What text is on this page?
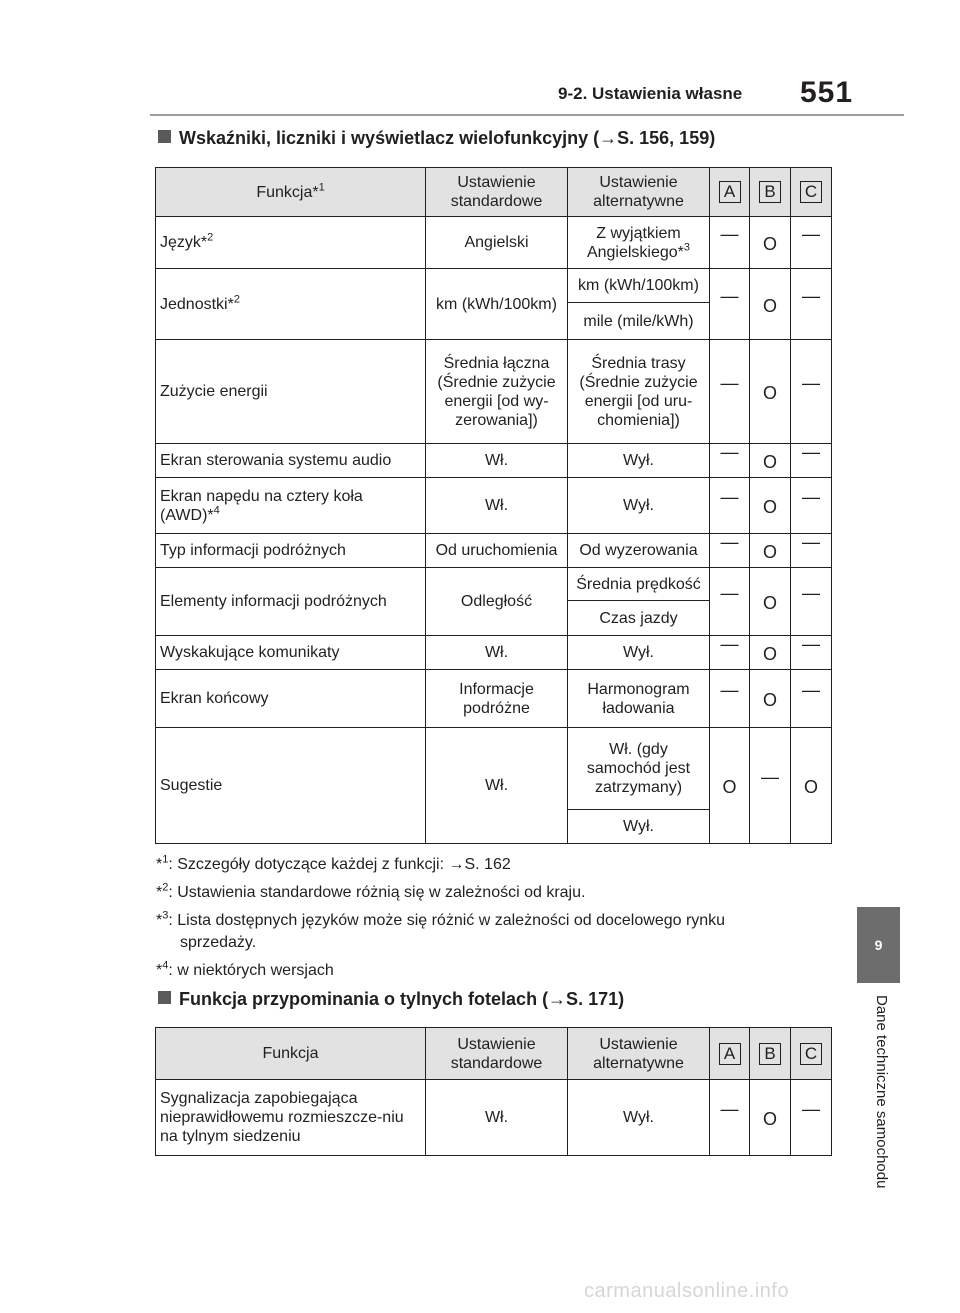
9-2. Ustawienia własne 551
Wskaźniki, liczniki i wyświetlacz wielofunkcyjny (→S. 156, 159)
Funkcja*$^1$	Ustawienie standardowe	Ustawienie alternatywne	A	B	C
Język*$^2$	Angielski	Z wyjątkiem Angielskiego*$^3$	—	O	—
Jednostki*$^2$	km (kWh/100km)	km (kWh/100km)	—	O	—
		mile (mile/kWh)			
Zużycie energii	Średnia łączna (Średnie zużycie energii [od wy-zerowania])	Średnia trasy (Średnie zużycie energii [od uru-chomienia])	—	O	—
Ekran sterowania systemu audio	Wł.	Wył.	—	O	—
Ekran napędu na cztery koła (AWD)*$^4$	Wł.	Wył.	—	O	—
Typ informacji podróżnych	Od uruchomienia	Od wyzerowania	—	O	—
Elementy informacji podróżnych	Odległość	Średnia prędkość	—	O	—
		Czas jazdy			
Wyskakujące komunikaty	Wł.	Wył.	—	O	—
Ekran końcowy	Informacje podróżne	Harmonogram ładowania	—	O	—
Sugestie	Wł.	Wł. (gdy samochód jest zatrzymany)	O	—	O
		Wył.			
*$^1$: Szczegóły dotyczące każdej z funkcji: →S. 162
*$^2$: Ustawienia standardowe różnią się w zależności od kraju.
*$^3$: Lista dostępnych języków może się różnić w zależności od docelowego rynku
sprzedaży.
*$^4$: w niektórych wersjach
Funkcja przypominania o tylnych fotelach (→S. 171)
Funkcja	Ustawienie standardowe	Ustawienie alternatywne	A	B	C
Sygnalizacja zapobiegająca nieprawidłowemu rozmieszcze-niu na tylnym siedzeniu	Wł.	Wył.	—	O	—
9
Dane techniczne samochodu
carmanualsonline.info
